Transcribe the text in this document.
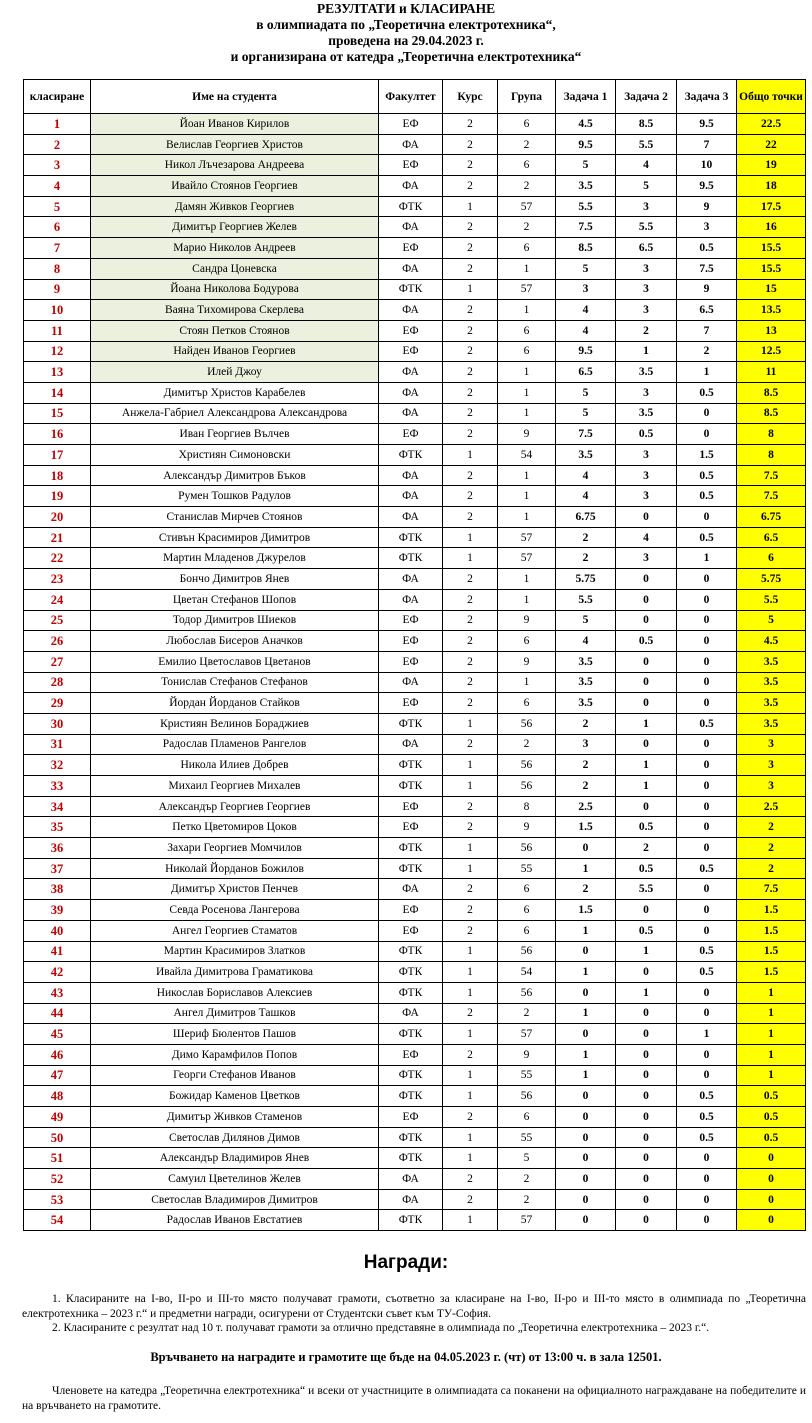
РЕЗУЛТАТИ и КЛАСИРАНЕ
в олимпиадата по „Теоретична електротехника“,
проведена на 29.04.2023 г.
и организирана от катедра „Теоретична електротехника“
класиране	Име на студента	Факултет	Курс	Група	Задача 1	Задача 2	Задача 3	Общо точки
1	Йоан Иванов Кирилов	ЕФ	2	6	4.5	8.5	9.5	22.5
2	Велислав Георгиев Христов	ФА	2	2	9.5	5.5	7	22
3	Никол Лъчезарова Андреева	ЕФ	2	6	5	4	10	19
4	Ивайло Стоянов Георгиев	ФА	2	2	3.5	5	9.5	18
5	Дамян Живков Георгиев	ФТК	1	57	5.5	3	9	17.5
6	Димитър Георгиев Желев	ФА	2	2	7.5	5.5	3	16
7	Марио Николов Андреев	ЕФ	2	6	8.5	6.5	0.5	15.5
8	Сандра Цоневска	ФА	2	1	5	3	7.5	15.5
9	Йоана Николова Бодурова	ФТК	1	57	3	3	9	15
10	Ваяна Тихомирова Скерлева	ФА	2	1	4	3	6.5	13.5
11	Стоян Петков Стоянов	ЕФ	2	6	4	2	7	13
12	Найден Иванов Георгиев	ЕФ	2	6	9.5	1	2	12.5
13	Илей Джоу	ФА	2	1	6.5	3.5	1	11
14	Димитър Христов Карабелев	ФА	2	1	5	3	0.5	8.5
15	Анжела-Габриел Александрова Александрова	ФА	2	1	5	3.5	0	8.5
16	Иван Георгиев Вълчев	ЕФ	2	9	7.5	0.5	0	8
17	Християн Симоновски	ФТК	1	54	3.5	3	1.5	8
18	Александър Димитров Бъков	ФА	2	1	4	3	0.5	7.5
19	Румен Тошков Радулов	ФА	2	1	4	3	0.5	7.5
20	Станислав Мирчев Стоянов	ФА	2	1	6.75	0	0	6.75
21	Стивън Красимиров Димитров	ФТК	1	57	2	4	0.5	6.5
22	Мартин Младенов Джурелов	ФТК	1	57	2	3	1	6
23	Бончо Димитров Янев	ФА	2	1	5.75	0	0	5.75
24	Цветан Стефанов Шопов	ФА	2	1	5.5	0	0	5.5
25	Тодор Димитров Шиеков	ЕФ	2	9	5	0	0	5
26	Любослав Бисеров Аначков	ЕФ	2	6	4	0.5	0	4.5
27	Емилио Цветославов Цветанов	ЕФ	2	9	3.5	0	0	3.5
28	Тонислав Стефанов Стефанов	ФА	2	1	3.5	0	0	3.5
29	Йордан Йорданов Стайков	ЕФ	2	6	3.5	0	0	3.5
30	Кристиян Велинов Бораджиев	ФТК	1	56	2	1	0.5	3.5
31	Радослав Пламенов Рангелов	ФА	2	2	3	0	0	3
32	Никола Илиев Добрев	ФТК	1	56	2	1	0	3
33	Михаил Георгиев Михалев	ФТК	1	56	2	1	0	3
34	Александър Георгиев Георгиев	ЕФ	2	8	2.5	0	0	2.5
35	Петко Цветомиров Цоков	ЕФ	2	9	1.5	0.5	0	2
36	Захари Георгиев Момчилов	ФТК	1	56	0	2	0	2
37	Николай Йорданов Божилов	ФТК	1	55	1	0.5	0.5	2
38	Димитър Христов Пенчев	ФА	2	6	2	5.5	0	7.5
39	Севда Росенова Лангерова	ЕФ	2	6	1.5	0	0	1.5
40	Ангел Георгиев Стаматов	ЕФ	2	6	1	0.5	0	1.5
41	Мартин Красимиров Златков	ФТК	1	56	0	1	0.5	1.5
42	Ивайла Димитрова Граматикова	ФТК	1	54	1	0	0.5	1.5
43	Никослав Бориславов Алексиев	ФТК	1	56	0	1	0	1
44	Ангел Димитров Ташков	ФА	2	2	1	0	0	1
45	Шериф Бюлентов Пашов	ФТК	1	57	0	0	1	1
46	Димо Карамфилов Попов	ЕФ	2	9	1	0	0	1
47	Георги Стефанов Иванов	ФТК	1	55	1	0	0	1
48	Божидар Каменов Цветков	ФТК	1	56	0	0	0.5	0.5
49	Димитър Живков Стаменов	ЕФ	2	6	0	0	0.5	0.5
50	Светослав Дилянов Димов	ФТК	1	55	0	0	0.5	0.5
51	Александър Владимиров Янев	ФТК	1	5	0	0	0	0
52	Самуил Цветелинов Желев	ФА	2	2	0	0	0	0
53	Светослав Владимиров Димитров	ФА	2	2	0	0	0	0
54	Радослав Иванов Евстатиев	ФТК	1	57	0	0	0	0
Награди:

1. Класираните на I-во, II-ро и III-то място получават грамоти, съответно за класиране на I-во, II-ро и III-то място в олимпиада по „Теоретична електротехника – 2023 г.“ и предметни награди, осигурени от Студентски съвет към ТУ-София.

2. Класираните с резултат над 10 т. получават грамоти за отлично представяне в олимпиада по „Теоретична електротехника – 2023 г.“.

Връчването на наградите и грамотите ще бъде на 04.05.2023 г. (чт) от 13:00 ч. в зала 12501.
Членовете на катедра „Теоретична електротехника“ и всеки от участниците в олимпиадата са поканени на официалното награждаване на победителите и на връчването на грамотите.
